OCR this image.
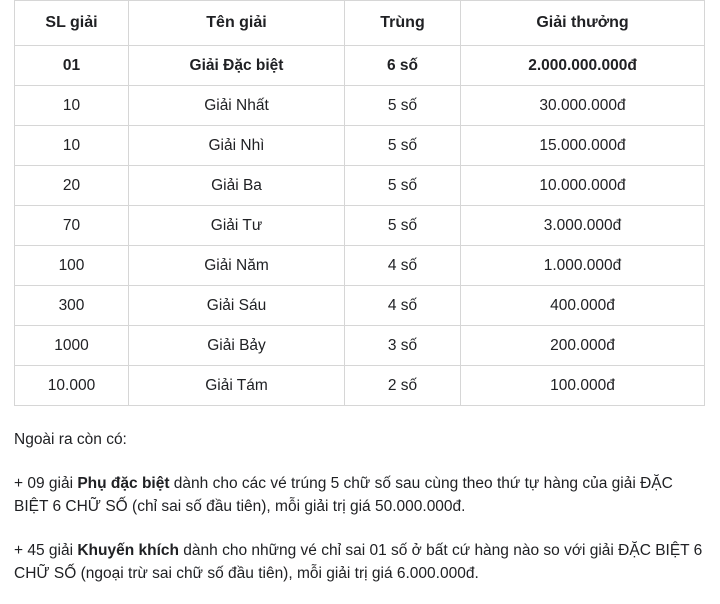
SL giải	Tên giải	Trùng	Giải thưởng
01	Giải Đặc biệt	6 số	2.000.000.000đ
10	Giải Nhất	5 số	30.000.000đ
10	Giải Nhì	5 số	15.000.000đ
20	Giải Ba	5 số	10.000.000đ
70	Giải Tư	5 số	3.000.000đ
100	Giải Năm	4 số	1.000.000đ
300	Giải Sáu	4 số	400.000đ
1000	Giải Bảy	3 số	200.000đ
10.000	Giải Tám	2 số	100.000đ

Ngoài ra còn có:

+ 09 giải Phụ đặc biệt dành cho các vé trúng 5 chữ số sau cùng theo thứ tự hàng của giải ĐẶC BIỆT 6 CHỮ SỐ (chỉ sai số đầu tiên), mỗi giải trị giá 50.000.000đ.

+ 45 giải Khuyến khích dành cho những vé chỉ sai 01 số ở bất cứ hàng nào so với giải ĐẶC BIỆT 6 CHỮ SỐ (ngoại trừ sai chữ số đầu tiên), mỗi giải trị giá 6.000.000đ.
